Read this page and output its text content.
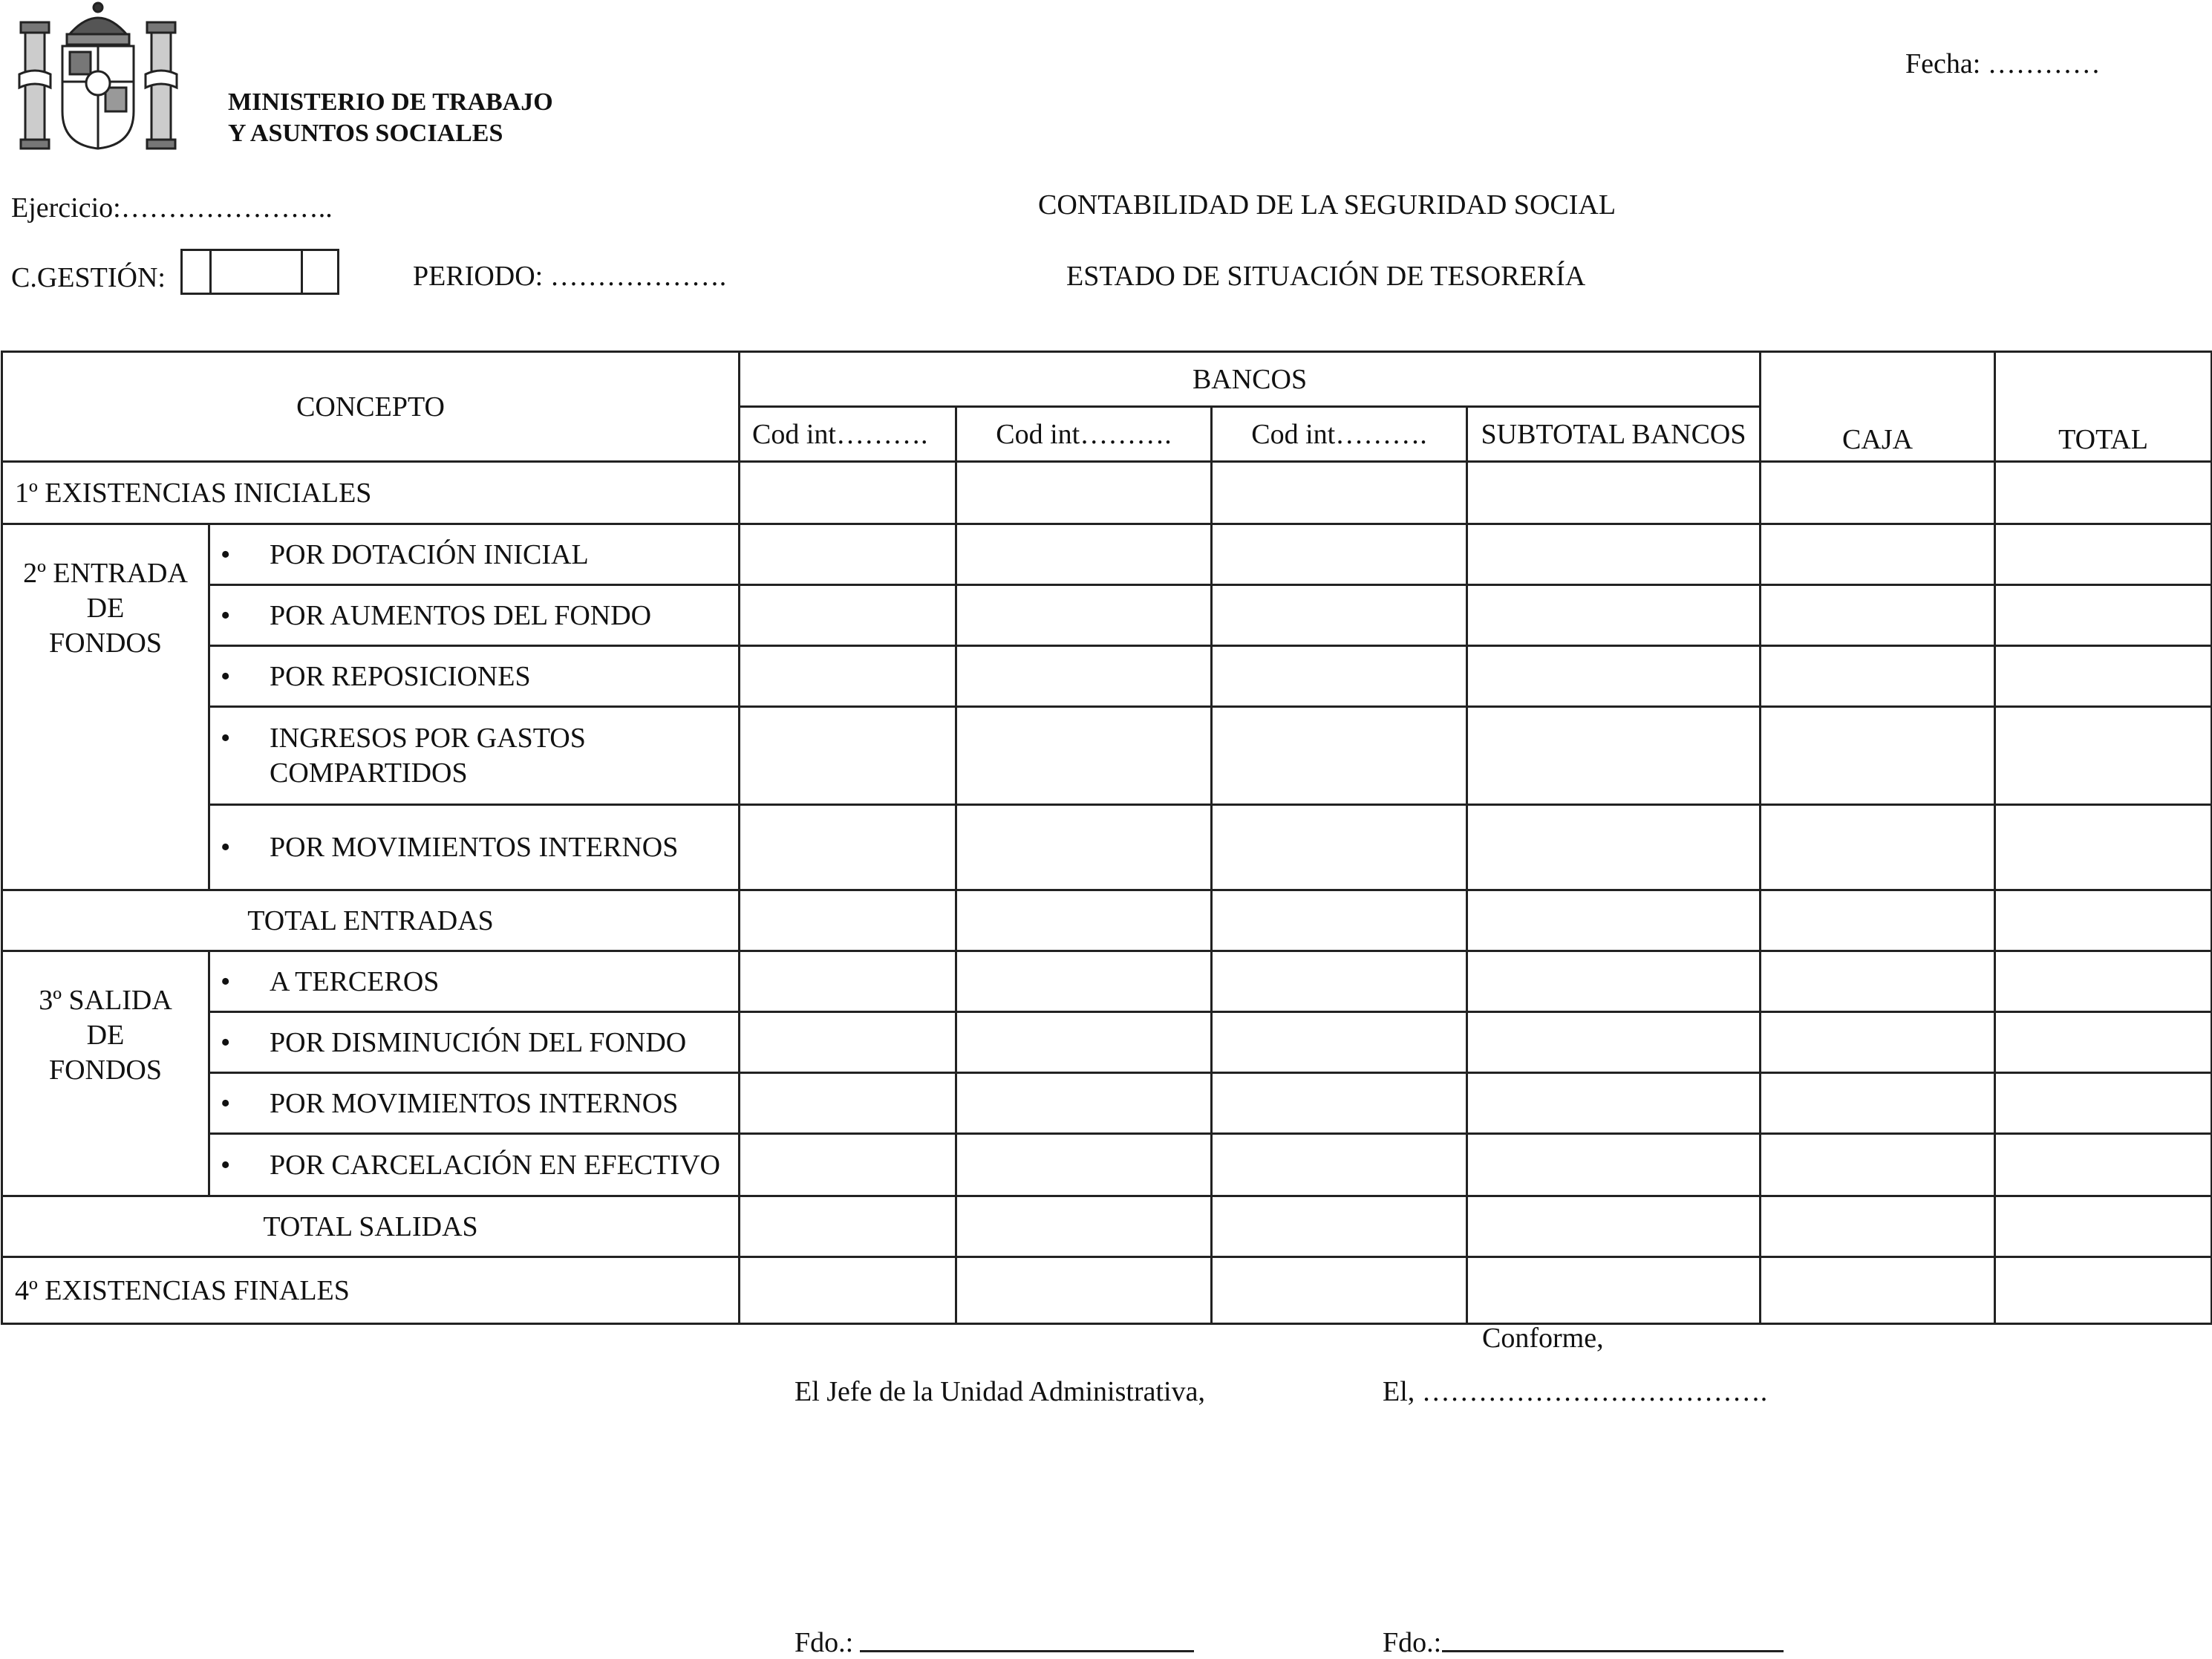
MINISTERIO DE TRABAJO
Y ASUNTOS SOCIALES
Fecha: …………
Ejercicio:…………………..	CONTABILIDAD DE LA SEGURIDAD SOCIAL
C.GESTIÓN:	PERIODO: ……………….	ESTADO DE SITUACIÓN DE TESORERÍA
CONCEPTO		BANCOS				CAJA	TOTAL
		Cod int……….	Cod int……….	Cod int……….	SUBTOTAL BANCOS		
1º EXISTENCIAS INICIALES							

2º ENTRADA
DE
FONDOS	• POR DOTACIÓN INICIAL						
	• POR AUMENTOS DEL FONDO						
	• POR REPOSICIONES						
	• INGRESOS POR GASTOS
COMPARTIDOS						
	• POR MOVIMIENTOS INTERNOS						
TOTAL ENTRADAS							

3º SALIDA
DE
FONDOS	• A TERCEROS						
	• POR DISMINUCIÓN DEL FONDO						
	• POR MOVIMIENTOS INTERNOS						
	• POR CARCELACIÓN EN EFECTIVO						
TOTAL SALIDAS							
4º EXISTENCIAS FINALES							
Conforme,
El Jefe de la Unidad Administrativa,	El, ……………………………….
Fdo.:	Fdo.:
